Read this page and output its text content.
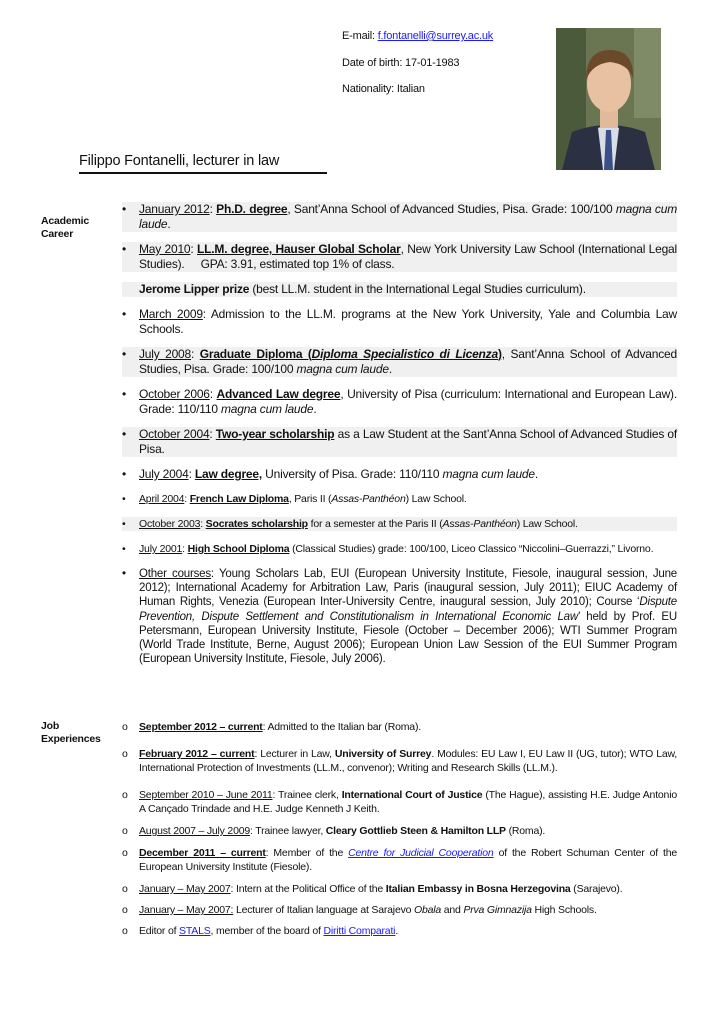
E-mail: f.fontanelli@surrey.ac.uk
Date of birth: 17-01-1983
Nationality: Italian
Filippo Fontanelli, lecturer in law
Academic
Career
• January 2012: Ph.D. degree, Sant’Anna School of Advanced Studies, Pisa. Grade: 100/100 magna cum laude.
• May 2010: LL.M. degree, Hauser Global Scholar, New York University Law School (International Legal Studies). GPA: 3.91, estimated top 1% of class.
Jerome Lipper prize (best LL.M. student in the International Legal Studies curriculum).
• March 2009: Admission to the LL.M. programs at the New York University, Yale and Columbia Law Schools.
• July 2008: Graduate Diploma (Diploma Specialistico di Licenza), Sant’Anna School of Advanced Studies, Pisa. Grade: 100/100 magna cum laude.
• October 2006: Advanced Law degree, University of Pisa (curriculum: International and European Law). Grade: 110/110 magna cum laude.
• October 2004: Two-year scholarship as a Law Student at the Sant’Anna School of Advanced Studies of Pisa.
• July 2004: Law degree, University of Pisa. Grade: 110/110 magna cum laude.
• April 2004: French Law Diploma, Paris II (Assas-Panthéon) Law School.
• October 2003: Socrates scholarship for a semester at the Paris II (Assas-Panthéon) Law School.
• July 2001: High School Diploma (Classical Studies) grade: 100/100, Liceo Classico “Niccolini–Guerrazzi,” Livorno.
• Other courses: Young Scholars Lab, EUI (European University Institute, Fiesole, inaugural session, June 2012); International Academy for Arbitration Law, Paris (inaugural session, July 2011); EIUC Academy of Human Rights, Venezia (European Inter-University Centre, inaugural session, July 2010); Course ‘Dispute Prevention, Dispute Settlement and Constitutionalism in International Economic Law’ held by Prof. EU Petersmann, European University Institute, Fiesole (October – December 2006); WTI Summer Program (World Trade Institute, Berne, August 2006); European Union Law Session of the EUI Summer Program (European University Institute, Fiesole, July 2006).
Job
Experiences
o September 2012 – current: Admitted to the Italian bar (Roma).
o February 2012 – current: Lecturer in Law, University of Surrey. Modules: EU Law I, EU Law II (UG, tutor); WTO Law, International Protection of Investments (LL.M., convenor); Writing and Research Skills (LL.M.).
o September 2010 – June 2011: Trainee clerk, International Court of Justice (The Hague), assisting H.E. Judge Antonio A Cançado Trindade and H.E. Judge Kenneth J Keith.
o August 2007 – July 2009: Trainee lawyer, Cleary Gottlieb Steen & Hamilton LLP (Roma).
o December 2011 – current: Member of the Centre for Judicial Cooperation of the Robert Schuman Center of the European University Institute (Fiesole).
o January – May 2007: Intern at the Political Office of the Italian Embassy in Bosna Herzegovina (Sarajevo).
o January – May 2007: Lecturer of Italian language at Sarajevo Obala and Prva Gimnazija High Schools.
o Editor of STALS, member of the board of Diritti Comparati.
